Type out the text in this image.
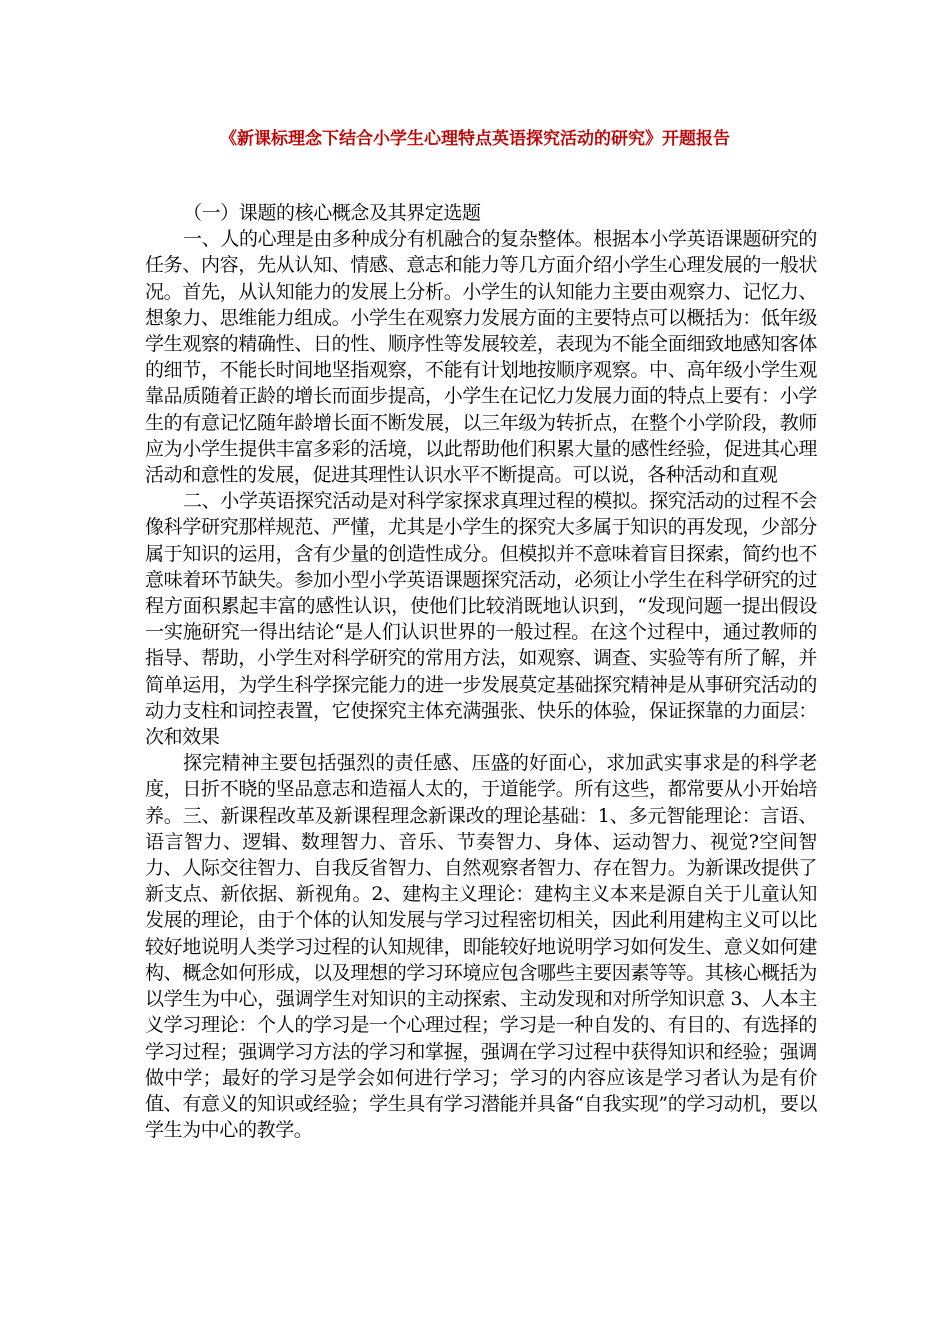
《新课标理念下结合小学生心理特点英语探究活动的研究》开题报告

（一）课题的核心概念及其界定选题

一、人的心理是由多种成分有机融合的复杂整体。根据本小学英语课题研究的任务、内容，先从认知、情感、意志和能力等几方面介绍小学生心理发展的一般状况。首先，从认知能力的发展上分析。小学生的认知能力主要由观察力、记忆力、想象力、思维能力组成。小学生在观察力发展方面的主要特点可以概括为：低年级学生观察的精确性、日的性、顺序性等发展较差，表现为不能全面细致地感知客体的细节，不能长时间地坚指观察，不能有计划地按顺序观察。中、高年级小学生观靠品质随着正龄的增长而面步提高，小学生在记忆力发展力面的特点上要有：小学生的有意记忆随年龄增长面不断发展，以三年级为转折点，在整个小学阶段，教师应为小学生提供丰富多彩的活境，以此帮助他们积累大量的感性经验，促进其心理活动和意性的发展，促进其理性认识水平不断提高。可以说，各种活动和直观

二、小学英语探究活动是对科学家探求真理过程的模拟。探究活动的过程不会像科学研究那样规范、严懂，尤其是小学生的探究大多属于知识的再发现，少部分属于知识的运用，含有少量的创造性成分。但模拟并不意味着盲目探索，简约也不意味着环节缺失。参加小型小学英语课题探究活动，必须让小学生在科学研究的过程方面积累起丰富的感性认识，使他们比较消既地认识到，“发现问题一提出假设一实施研究一得出结论“是人们认识世界的一般过程。在这个过程中，通过教师的指导、帮助，小学生对科学研究的常用方法，如观察、调查、实验等有所了解，并简单运用，为学生科学探完能力的进一步发展莫定基础探究精神是从事研究活动的动力支柱和词控表置，它使探究主体充满强张、快乐的体验，保证探靠的力面层：次和效果

探完精神主要包括强烈的责任感、压盛的好面心，求加武实事求是的科学老度，日折不晓的坚品意志和造福人太的，于道能学。所有这些，都常要从小开始培养。三、新课程改革及新课程理念新课改的理论基础：1、多元智能理论：言语、语言智力、逻辑、数理智力、音乐、节奏智力、身体、运动智力、视觉?空间智力、人际交往智力、自我反省智力、自然观察者智力、存在智力。为新课改提供了新支点、新依据、新视角。2、建构主义理论：建构主义本来是源自关于儿童认知发展的理论，由于个体的认知发展与学习过程密切相关，因此利用建构主义可以比较好地说明人类学习过程的认知规律，即能较好地说明学习如何发生、意义如何建构、概念如何形成，以及理想的学习环境应包含哪些主要因素等等。其核心概括为以学生为中心，强调学生对知识的主动探索、主动发现和对所学知识意 3、人本主义学习理论：个人的学习是一个心理过程；学习是一种自发的、有目的、有选择的学习过程；强调学习方法的学习和掌握，强调在学习过程中获得知识和经验；强调做中学；最好的学习是学会如何进行学习；学习的内容应该是学习者认为是有价值、有意义的知识或经验；学生具有学习潜能并具备“自我实现”的学习动机，要以学生为中心的教学。
